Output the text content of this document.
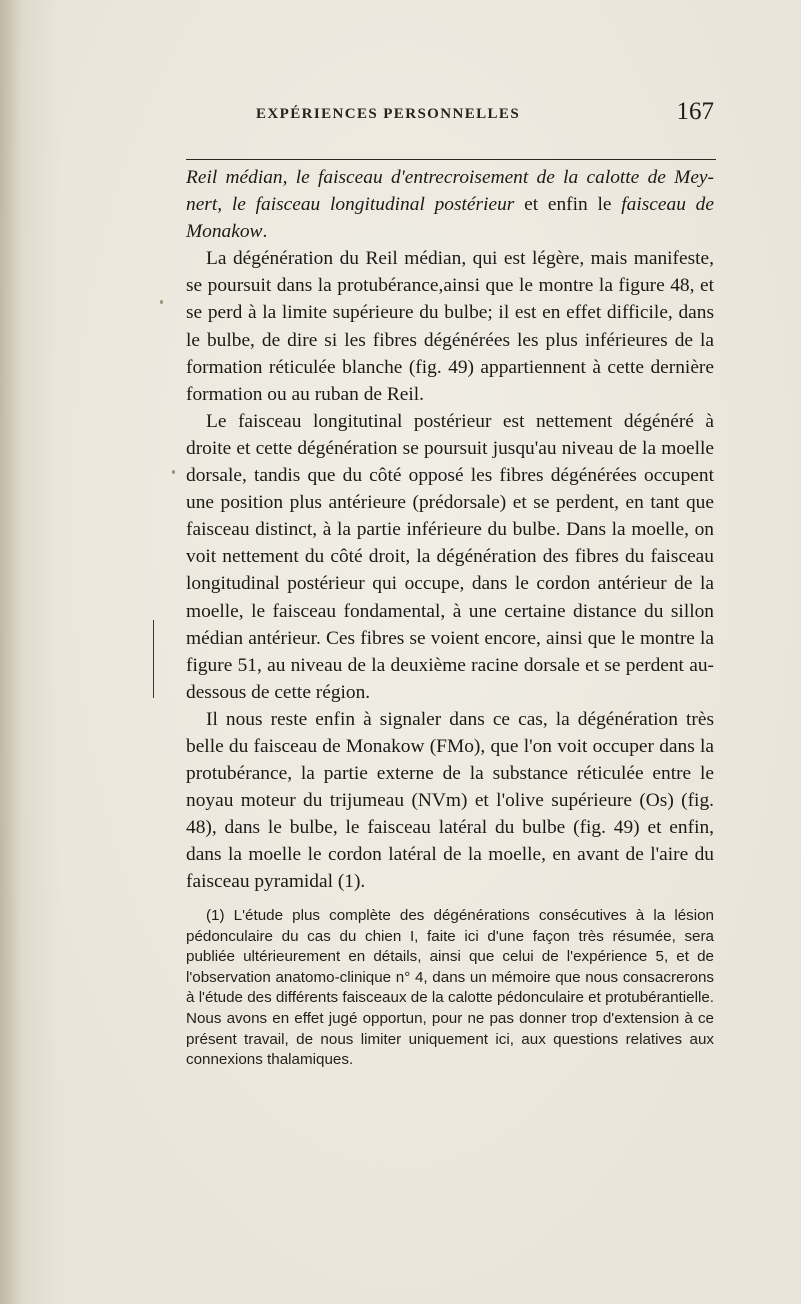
EXPÉRIENCES PERSONNELLES	167

Reil médian, le faisceau d'entrecroisement de la calotte de Mey-nert, le faisceau longitudinal postérieur et enfin le faisceau de Monakow.

La dégénération du Reil médian, qui est légère, mais manifeste, se poursuit dans la protubérance,ainsi que le montre la figure 48, et se perd à la limite supérieure du bulbe; il est en effet difficile, dans le bulbe, de dire si les fibres dégénérées les plus inférieures de la formation réticulée blanche (fig. 49) appartiennent à cette dernière formation ou au ruban de Reil.

Le faisceau longitutinal postérieur est nettement dégénéré à droite et cette dégénération se poursuit jusqu'au niveau de la moelle dorsale, tandis que du côté opposé les fibres dégénérées occupent une position plus antérieure (prédorsale) et se perdent, en tant que faisceau distinct, à la partie inférieure du bulbe. Dans la moelle, on voit nettement du côté droit, la dégénération des fibres du faisceau longitudinal postérieur qui occupe, dans le cordon antérieur de la moelle, le faisceau fondamental, à une certaine distance du sillon médian antérieur. Ces fibres se voient encore, ainsi que le montre la figure 51, au niveau de la deuxième racine dorsale et se perdent au-dessous de cette région.

Il nous reste enfin à signaler dans ce cas, la dégénération très belle du faisceau de Monakow (FMo), que l'on voit occuper dans la protubérance, la partie externe de la substance réticulée entre le noyau moteur du trijumeau (NVm) et l'olive supérieure (Os) (fig. 48), dans le bulbe, le faisceau latéral du bulbe (fig. 49) et enfin, dans la moelle le cordon latéral de la moelle, en avant de l'aire du faisceau pyramidal (1).

(1) L'étude plus complète des dégénérations consécutives à la lésion pédonculaire du cas du chien I, faite ici d'une façon très résumée, sera publiée ultérieurement en détails, ainsi que celui de l'expérience 5, et de l'observation anatomo-clinique n° 4, dans un mémoire que nous consacrerons à l'étude des différents faisceaux de la calotte pédonculaire et protubérantielle. Nous avons en effet jugé opportun, pour ne pas donner trop d'extension à ce présent travail, de nous limiter uniquement ici, aux questions relatives aux connexions thalamiques.
